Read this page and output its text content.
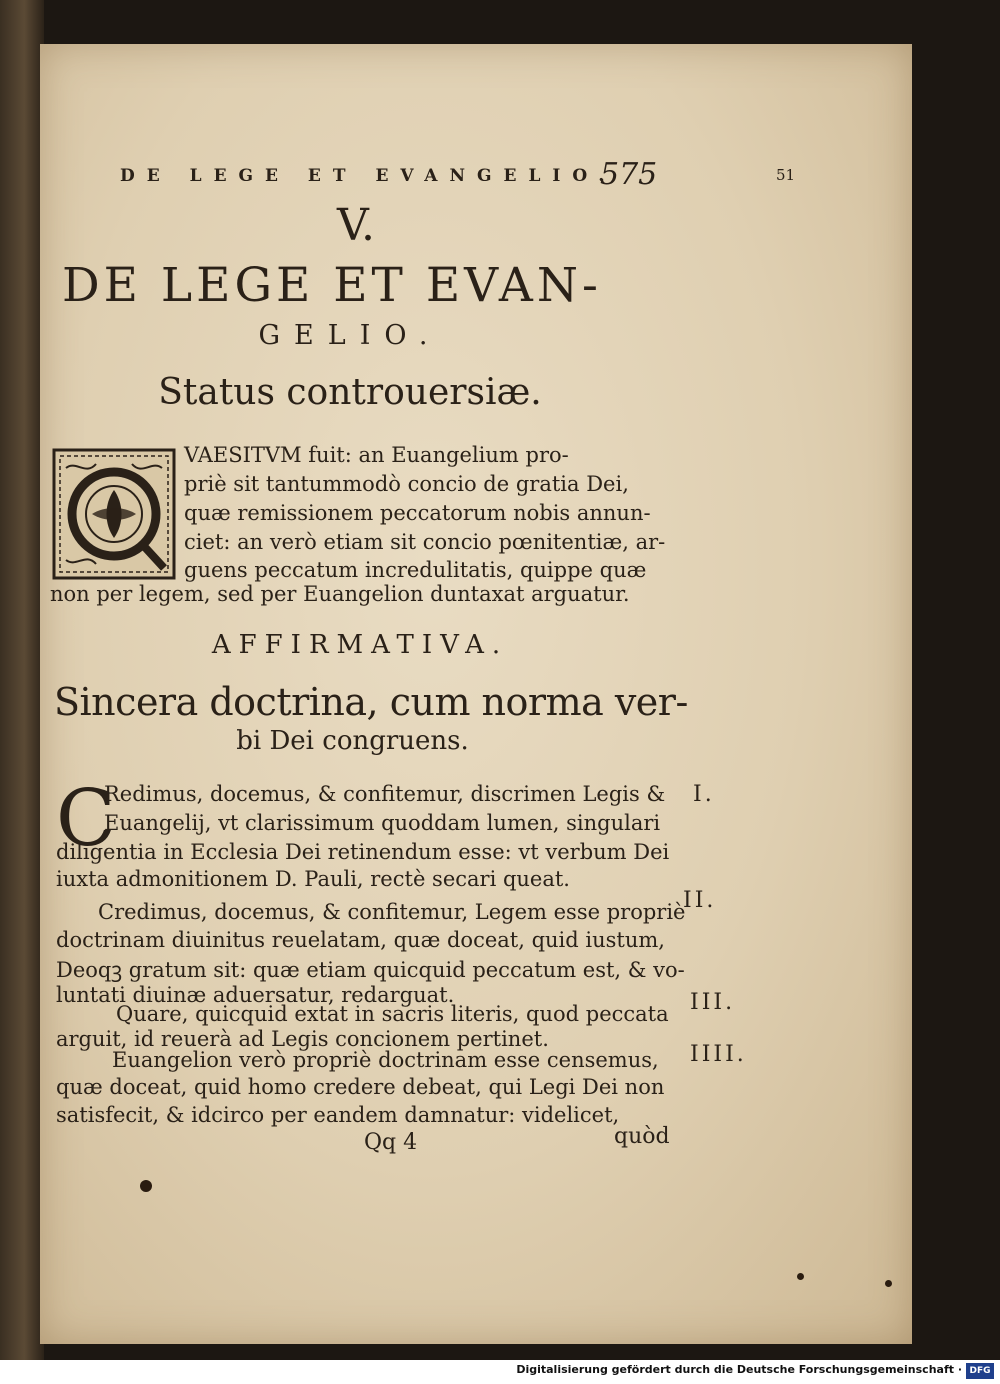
DE LEGE ET EVANGELIO.
575	51
V.
DE LEGE ET EVAN-
GELIO.
Status controuersiæ.
VAESITVM fuit: an Euangelium pro-
priè sit tantummodò concio de gratia Dei,
quæ remissionem peccatorum nobis annun-
ciet: an verò etiam sit concio pœnitentiæ, ar-
guens peccatum incredulitatis, quippe quæ
non per legem, sed per Euangelion duntaxat arguatur.
AFFIRMATIVA.
Sincera doctrina, cum norma ver-
bi Dei congruens.
C
Redimus, docemus, & confitemur, discrimen Legis &
Euangelij, vt clarissimum quoddam lumen, singulari
diligentia in Ecclesia Dei retinendum esse: vt verbum Dei
iuxta admonitionem D. Pauli, rectè secari queat.
Credimus, docemus, & confitemur, Legem esse propriè
doctrinam diuinitus reuelatam, quæ doceat, quid iustum,
Deoqꝫ gratum sit: quæ etiam quicquid peccatum est, & vo-
luntati diuinæ aduersatur, redarguat.
Quare, quicquid extat in sacris literis, quod peccata
arguit, id reuerà ad Legis concionem pertinet.
Euangelion verò propriè doctrinam esse censemus,
quæ doceat, quid homo credere debeat, qui Legi Dei non
satisfecit, & idcirco per eandem damnatur: videlicet,
I.
II.
III.
IIII.
Qq 4	quòd
Digitalisierung gefördert durch die Deutsche Forschungsgemeinschaft · DFG
